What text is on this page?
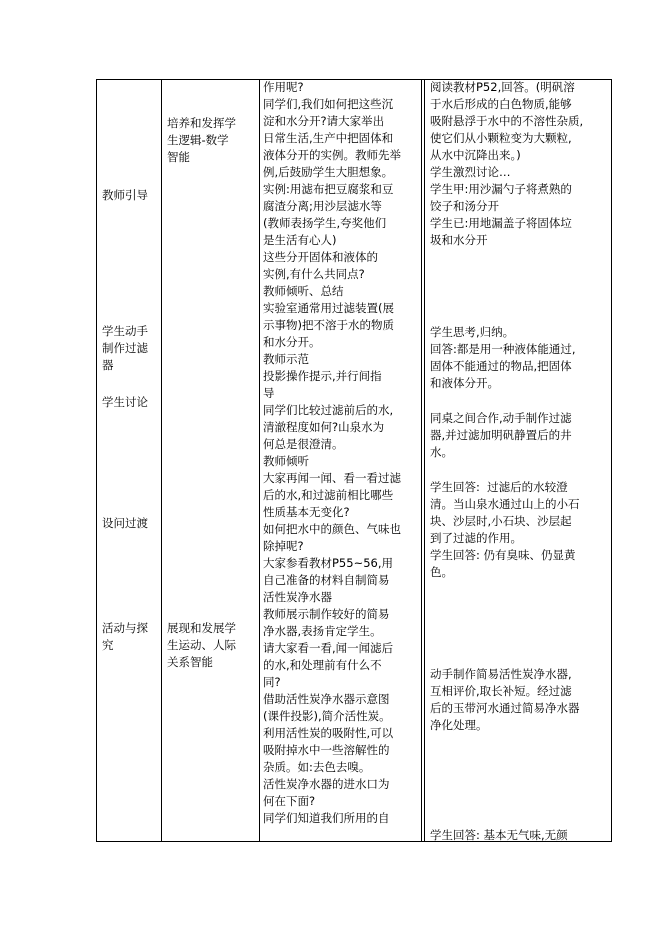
教师引导
学生动手
制作过滤
器
学生讨论
设问过渡
活动与探
究
培养和发挥学
生逻辑-数学
智能
展现和发展学
生运动、人际
关系智能
作用呢?
同学们,我们如何把这些沉
淀和水分开?请大家举出
日常生活,生产中把固体和
液体分开的实例。教师先举
例,后鼓励学生大胆想象。
实例:用滤布把豆腐浆和豆
腐渣分离;用沙层滤水等
(教师表扬学生,夸奖他们
是生活有心人)
这些分开固体和液体的
实例,有什么共同点?
教师倾听、总结
实验室通常用过滤装置(展
示事物)把不溶于水的物质
和水分开。
教师示范
投影操作提示,并行间指
导
同学们比较过滤前后的水,
清澈程度如何?山泉水为
何总是很澄清。
教师倾听
大家再闻一闻、看一看过滤
后的水,和过滤前相比哪些
性质基本无变化?
如何把水中的颜色、气味也
除掉呢?
大家参看教材P55~56,用
自己准备的材料自制简易
活性炭净水器
教师展示制作较好的简易
净水器,表扬肯定学生。
请大家看一看,闻一闻滤后
的水,和处理前有什么不
同?
借助活性炭净水器示意图
(课件投影),简介活性炭。
利用活性炭的吸附性,可以
吸附掉水中一些溶解性的
杂质。如:去色去嗅。
活性炭净水器的进水口为
何在下面?
同学们知道我们所用的自
阅读教材P52,回答。(明矾溶
于水后形成的白色物质,能够
吸附悬浮于水中的不溶性杂质,
使它们从小颗粒变为大颗粒,
从水中沉降出来。)
学生激烈讨论…
学生甲:用沙漏勺子将煮熟的
饺子和汤分开
学生已:用地漏盖子将固体垃
圾和水分开
学生思考,归纳。
回答:都是用一种液体能通过,
固体不能通过的物品,把固体
和液体分开。
同桌之间合作,动手制作过滤
器,并过滤加明矾静置后的井
水。
学生回答:  过滤后的水较澄
清。当山泉水通过山上的小石
块、沙层时,小石块、沙层起
到了过滤的作用。
学生回答: 仍有臭味、仍显黄
色。
动手制作简易活性炭净水器,
互相评价,取长补短。经过滤
后的玉带河水通过简易净水器
净化处理。
学生回答: 基本无气味,无颜
